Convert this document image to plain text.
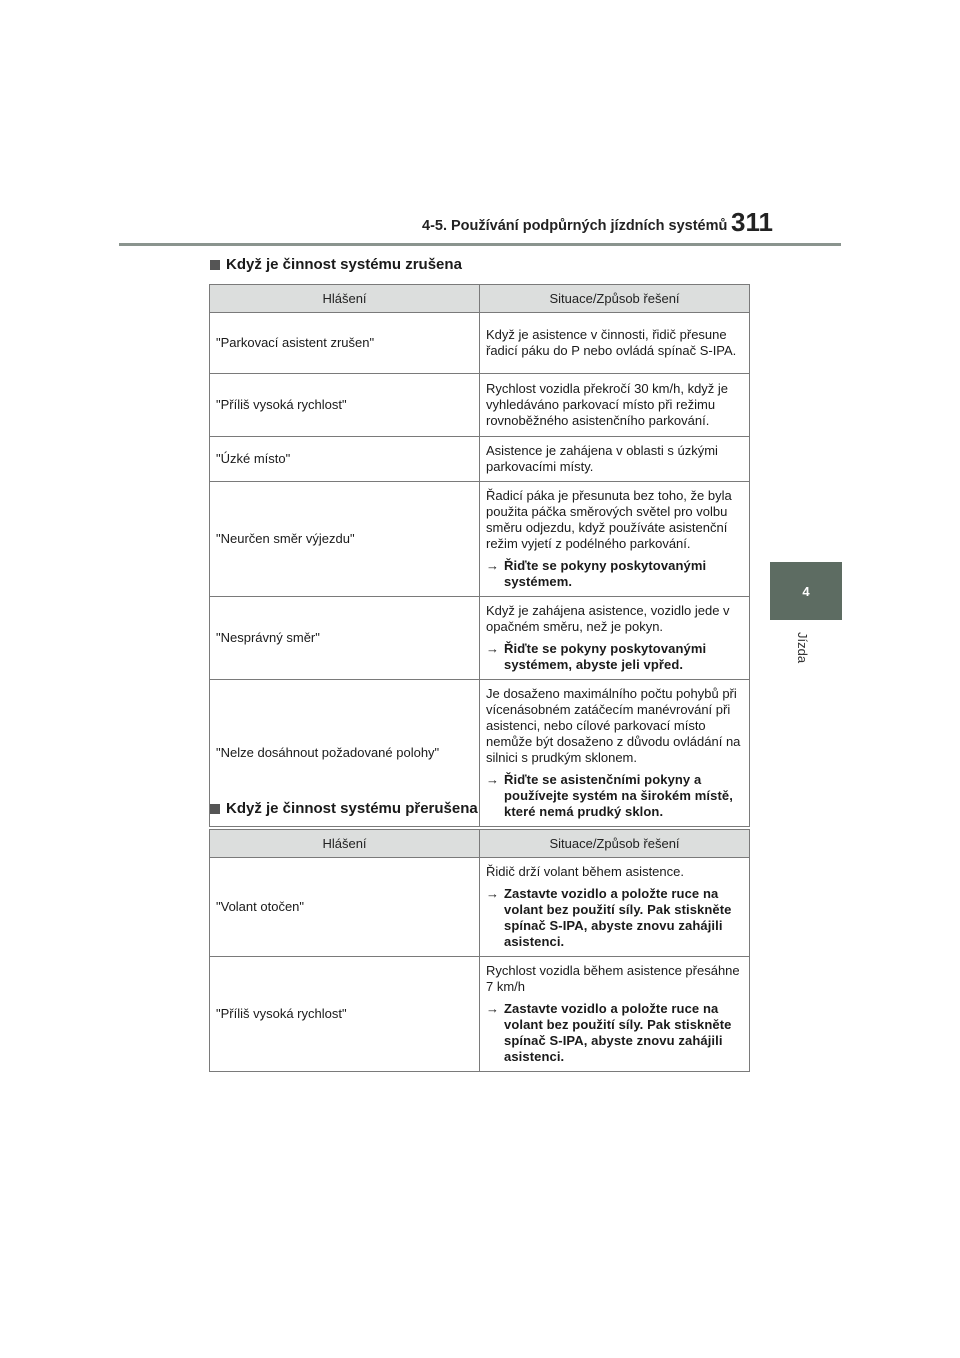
4-5. Používání podpůrných jízdních systémů 311
4
Jízda
Když je činnost systému zrušena
Hlášení	Situace/Způsob řešení
"Parkovací asistent zrušen"	Když je asistence v činnosti, řidič přesune řadicí páku do P nebo ovládá spínač S-IPA.

"Příliš vysoká rychlost"	Rychlost vozidla překročí 30 km/h, když je vyhledáváno parkovací místo při režimu rovnoběžného asistenčního parkování.

"Úzké místo"	Asistence je zahájena v oblasti s úzkými parkovacími místy.

"Neurčen směr výjezdu"	Řadicí páka je přesunuta bez toho, že byla použita páčka směrových světel pro volbu směru odjezdu, když používáte asistenční režim vyjetí z podélného parkování.
→ Řiďte se pokyny poskytovanými systémem.

"Nesprávný směr"	Když je zahájena asistence, vozidlo jede v opačném směru, než je pokyn.
→ Řiďte se pokyny poskytovanými systémem, abyste jeli vpřed.

"Nelze dosáhnout požadované polohy"	Je dosaženo maximálního počtu pohybů při vícenásobném zatáčecím manévrování při asistenci, nebo cílové parkovací místo nemůže být dosaženo z důvodu ovládání na silnici s prudkým sklonem.
→ Řiďte se asistenčními pokyny a používejte systém na širokém místě, které nemá prudký sklon.
Když je činnost systému přerušena
Hlášení	Situace/Způsob řešení
"Volant otočen"	Řidič drží volant během asistence.
→ Zastavte vozidlo a položte ruce na volant bez použití síly. Pak stiskněte spínač S-IPA, abyste znovu zahájili asistenci.

"Příliš vysoká rychlost"	Rychlost vozidla během asistence přesáhne 7 km/h
→ Zastavte vozidlo a položte ruce na volant bez použití síly. Pak stiskněte spínač S-IPA, abyste znovu zahájili asistenci.
